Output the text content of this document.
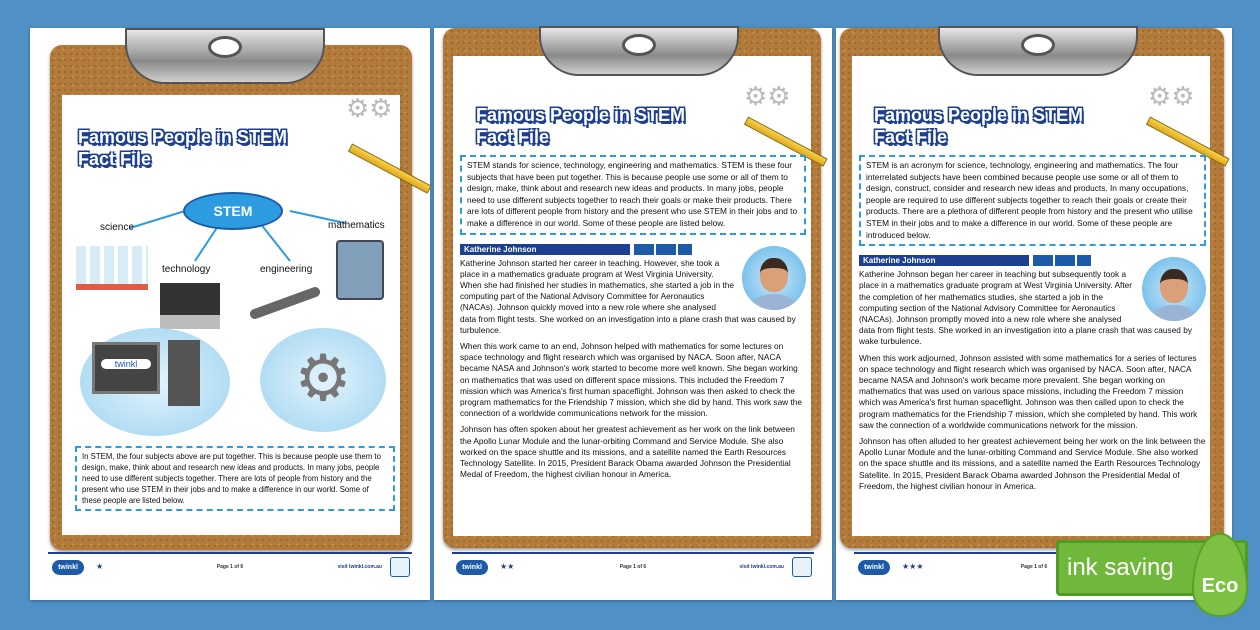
⚙⚙
Famous People in STEM
Fact File
STEM
science
technology	engineering
mathematics
twinkl	⚙
In STEM, the four subjects above are put together. This is because people use them to design, make, think about and research new ideas and products. In many jobs, people need to use different subjects together. There are lots of people from history and the present who use STEM in their jobs and to make a difference in our world. Some of these people are listed below.
twinkl	★	Page 1 of 6	visit twinkl.com.au
⚙⚙
Famous People in STEM
Fact File
STEM stands for science, technology, engineering and mathematics. STEM is these four subjects that have been put together. This is because people use some or all of them to design, make, think about and research new ideas and products. In many jobs, people need to use different subjects together to reach their goals or make their products. There are lots of different people from history and the present who use STEM in their jobs and to make a difference in our world. Some of these people are listed below.
Katherine Johnson
Katherine Johnson started her career in teaching. However, she took a place in a mathematics graduate program at West Virginia University. When she had finished her studies in mathematics, she started a job in the computing part of the National Advisory Committee for Aeronautics (NACAs). Johnson quickly moved into a new role where she analysed data from flight tests. She worked on an investigation into a plane crash that was caused by turbulence.
When this work came to an end, Johnson helped with mathematics for some lectures on space technology and flight research which was organised by NACA. Soon after, NACA became NASA and Johnson's work started to become more well known. She began working on mathematics that was used on different space missions. This included the Freedom 7 mission which was America's first human spaceflight. Johnson was then asked to check the program mathematics for the Friendship 7 mission, which she did by hand. This work saw the connection of a worldwide communications network for the mission.
Johnson has often spoken about her greatest achievement as her work on the link between the Apollo Lunar Module and the lunar-orbiting Command and Service Module. She also worked on the space shuttle and its missions, and a satellite named the Earth Resources Technology Satellite. In 2015, President Barack Obama awarded Johnson the Presidential Medal of Freedom, the highest civilian honour in America.
twinkl	★★	Page 1 of 6	visit twinkl.com.au
⚙⚙
Famous People in STEM
Fact File
STEM is an acronym for science, technology, engineering and mathematics. The four interrelated subjects have been combined because people use some or all of them to design, construct, consider and research new ideas and products. In many occupations, people are required to use different subjects together to reach their goals or create their products. There are a plethora of different people from history and the present who utilise STEM in their jobs and to make a difference in our world. Some of these people are introduced below.
Katherine Johnson
Katherine Johnson began her career in teaching but subsequently took a place in a mathematics graduate program at West Virginia University. After the completion of her mathematics studies, she started a job in the computing section of the National Advisory Committee for Aeronautics (NACAs). Johnson promptly moved into a new role where she analysed data from flight tests. She worked in an investigation into a plane crash that was caused by wake turbulence.
When this work adjourned, Johnson assisted with some mathematics for a series of lectures on space technology and flight research which was organised by NACA. Soon after, NACA became NASA and Johnson's work became more prevalent. She began working on mathematics that was used on various space missions, including the Freedom 7 mission which was America's first human spaceflight. Johnson was then called upon to check the program mathematics for the Friendship 7 mission, which she completed by hand. This work saw the connection of a worldwide communications network for the mission.
Johnson has often alluded to her greatest achievement being her work on the link between the Apollo Lunar Module and the lunar-orbiting Command and Service Module. She also worked on the space shuttle and its missions, and a satellite named the Earth Resources Technology Satellite. In 2015, President Barack Obama awarded Johnson the Presidential Medal of Freedom, the highest civilian honour in America.
twinkl	★★★	Page 1 of 6 ink saving
Eco
